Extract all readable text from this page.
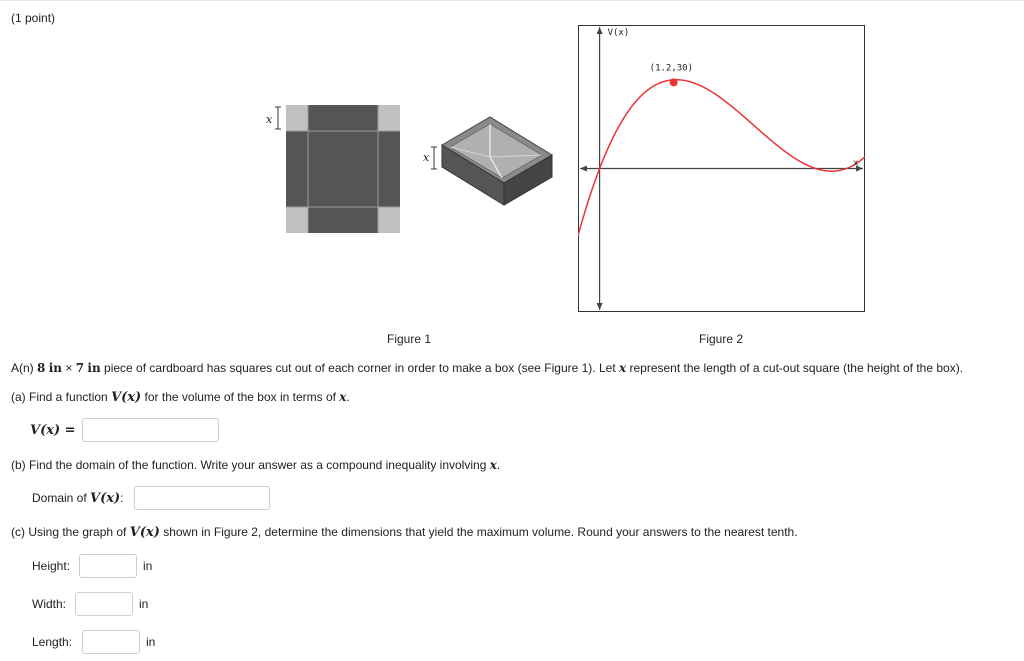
(1 point)
x
x
V(x)
x
(1.2,30)
Figure 1	Figure 2
A(n) 8 in × 7 in piece of cardboard has squares cut out of each corner in order to make a box (see Figure 1). Let x represent the length of a cut-out square (the height of the box).
(a) Find a function V(x) for the volume of the box in terms of x.
V(x) =
(b) Find the domain of the function. Write your answer as a compound inequality involving x.
Domain of V(x):
(c) Using the graph of V(x) shown in Figure 2, determine the dimensions that yield the maximum volume. Round your answers to the nearest tenth.
Height:	in
Width:	in
Length:	in
